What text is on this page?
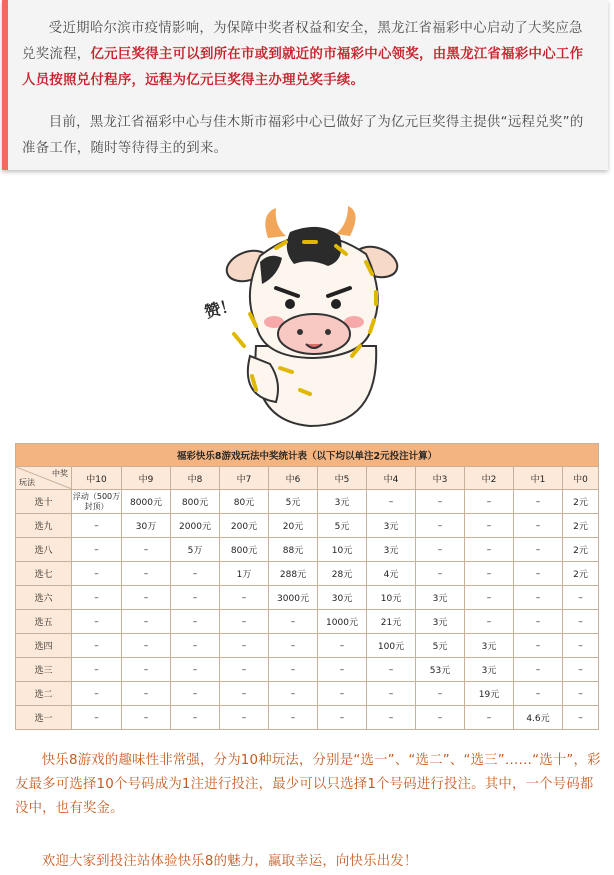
受近期哈尔滨市疫情影响，为保障中奖者权益和安全，黑龙江省福彩中心启动了大奖应急兑奖流程，亿元巨奖得主可以到所在市或到就近的市福彩中心领奖，由黑龙江省福彩中心工作人员按照兑付程序，远程为亿元巨奖得主办理兑奖手续。

目前，黑龙江省福彩中心与佳木斯市福彩中心已做好了为亿元巨奖得主提供“远程兑奖”的准备工作，随时等待得主的到来。

赞！
福彩快乐8游戏玩法中奖统计表（以下均以单注2元投注计算）											

中奖
玩法	中10	中9	中8	中7	中6	中5	中4	中3	中2	中1	中0
选十	浮动（500万封顶）	8000元	800元	80元	5元	3元	–	–	–	–	2元
选九	–	30万	2000元	200元	20元	5元	3元	–	–	–	2元
选八	–	–	5万	800元	88元	10元	3元	–	–	–	2元
选七	–	–	–	1万	288元	28元	4元	–	–	–	2元
选六	–	–	–	–	3000元	30元	10元	3元	–	–	–
选五	–	–	–	–	–	1000元	21元	3元	–	–	–
选四	–	–	–	–	–	–	100元	5元	3元	–	–
选三	–	–	–	–	–	–	–	53元	3元	–	–
选二	–	–	–	–	–	–	–	–	19元	–	–
选一	–	–	–	–	–	–	–	–	–	4.6元	–

快乐8游戏的趣味性非常强，分为10种玩法，分别是“选一”、“选二”、“选三”……“选十”，彩友最多可选择10个号码成为1注进行投注，最少可以只选择1个号码进行投注。其中，一个号码都没中，也有奖金。

欢迎大家到投注站体验快乐8的魅力，赢取幸运，向快乐出发！
